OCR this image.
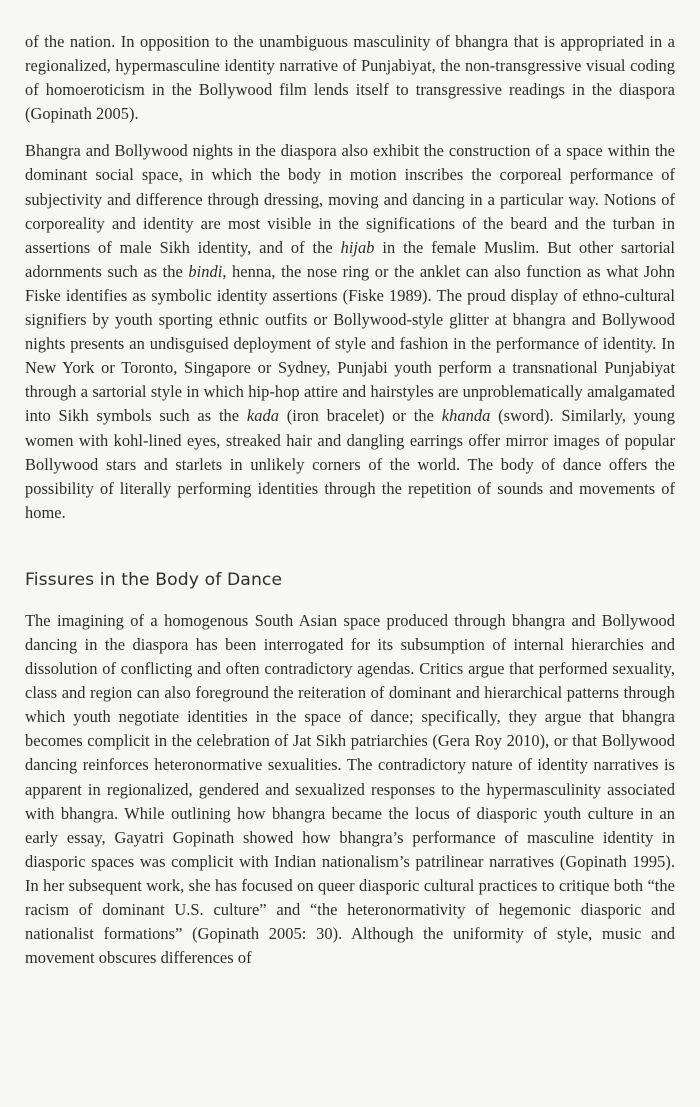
of the nation. In opposition to the unambiguous masculinity of bhangra that is appropriated in a regionalized, hypermasculine identity narrative of Punjabiyat, the non-transgressive visual coding of homoeroticism in the Bollywood film lends itself to transgressive readings in the diaspora (Gopinath 2005).

Bhangra and Bollywood nights in the diaspora also exhibit the construction of a space within the dominant social space, in which the body in motion inscribes the corporeal performance of subjectivity and difference through dressing, moving and dancing in a particular way. Notions of corporeality and identity are most visible in the significations of the beard and the turban in assertions of male Sikh identity, and of the hijab in the female Muslim. But other sartorial adornments such as the bindi, henna, the nose ring or the anklet can also function as what John Fiske identifies as symbolic identity assertions (Fiske 1989). The proud display of ethno-cultural signifiers by youth sporting ethnic outfits or Bollywood-style glitter at bhangra and Bollywood nights presents an undisguised deployment of style and fashion in the performance of identity. In New York or Toronto, Singapore or Sydney, Punjabi youth perform a transnational Punjabiyat through a sartorial style in which hip-hop attire and hairstyles are unproblematically amalgamated into Sikh symbols such as the kada (iron bracelet) or the khanda (sword). Similarly, young women with kohl-lined eyes, streaked hair and dangling earrings offer mirror images of popular Bollywood stars and starlets in unlikely corners of the world. The body of dance offers the possibility of literally performing identities through the repetition of sounds and movements of home.

Fissures in the Body of Dance

The imagining of a homogenous South Asian space produced through bhangra and Bollywood dancing in the diaspora has been interrogated for its subsumption of internal hierarchies and dissolution of conflicting and often contradictory agendas. Critics argue that performed sexuality, class and region can also foreground the reiteration of dominant and hierarchical patterns through which youth negotiate identities in the space of dance; specifically, they argue that bhangra becomes complicit in the celebration of Jat Sikh patriarchies (Gera Roy 2010), or that Bollywood dancing reinforces heteronormative sexualities. The contradictory nature of identity narratives is apparent in regionalized, gendered and sexualized responses to the hypermasculinity associated with bhangra. While outlining how bhangra became the locus of diasporic youth culture in an early essay, Gayatri Gopinath showed how bhangra’s performance of masculine identity in diasporic spaces was complicit with Indian nationalism’s patrilinear narratives (Gopinath 1995). In her subsequent work, she has focused on queer diasporic cultural practices to critique both “the racism of dominant U.S. culture” and “the heteronormativity of hegemonic diasporic and nationalist formations” (Gopinath 2005: 30). Although the uniformity of style, music and movement obscures differences of
